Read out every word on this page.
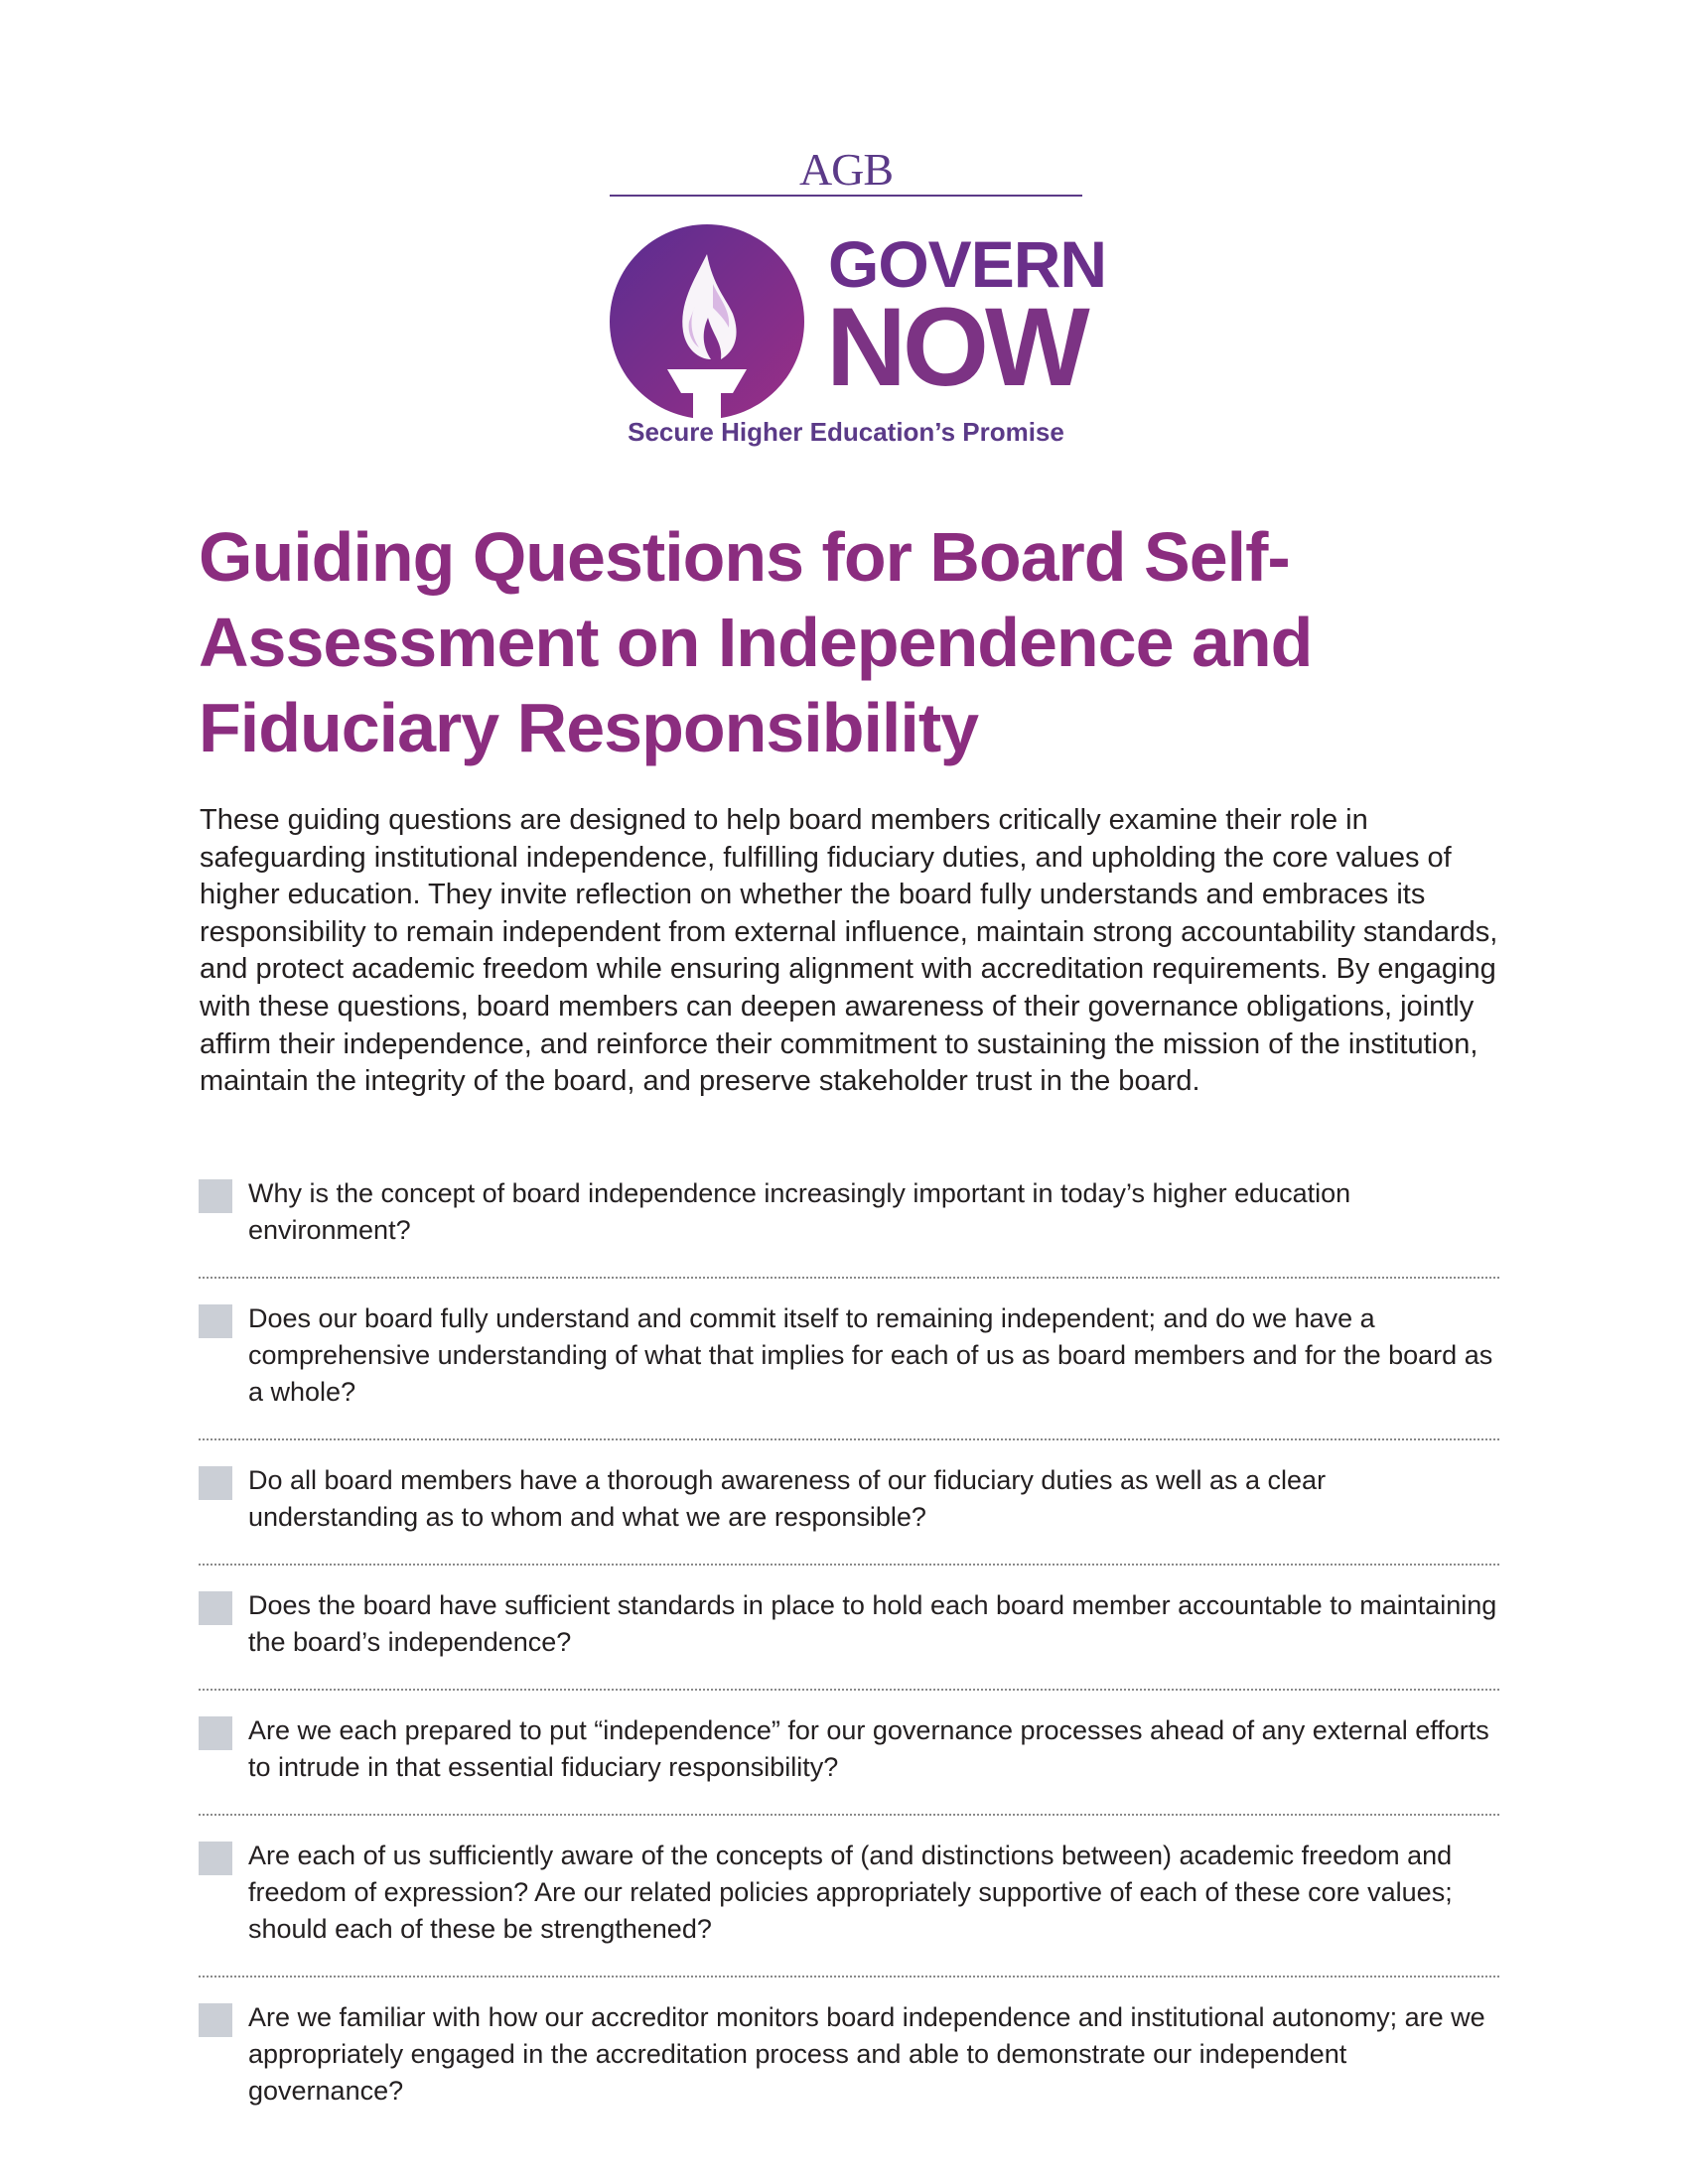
AGB
GOVERN
NOW
Secure Higher Education’s Promise
Guiding Questions for Board Self-Assessment on Independence and Fiduciary Responsibility

These guiding questions are designed to help board members critically examine their role in safeguarding institutional independence, fulfilling fiduciary duties, and upholding the core values of higher education. They invite reflection on whether the board fully understands and embraces its responsibility to remain independent from external influence, maintain strong accountability standards, and protect academic freedom while ensuring alignment with accreditation requirements. By engaging with these questions, board members can deepen awareness of their governance obligations, jointly affirm their independence, and reinforce their commitment to sustaining the mission of the institution, maintain the integrity of the board, and preserve stakeholder trust in the board.

Why is the concept of board independence increasingly important in today’s higher education environment?
Does our board fully understand and commit itself to remaining independent; and do we have a comprehensive understanding of what that implies for each of us as board members and for the board as a whole?
Do all board members have a thorough awareness of our fiduciary duties as well as a clear understanding as to whom and what we are responsible?
Does the board have sufficient standards in place to hold each board member accountable to maintaining the board’s independence?
Are we each prepared to put “independence” for our governance processes ahead of any external efforts to intrude in that essential fiduciary responsibility?
Are each of us sufficiently aware of the concepts of (and distinctions between) academic freedom and freedom of expression? Are our related policies appropriately supportive of each of these core values; should each of these be strengthened?
Are we familiar with how our accreditor monitors board independence and institutional autonomy; are we appropriately engaged in the accreditation process and able to demonstrate our independent governance?
